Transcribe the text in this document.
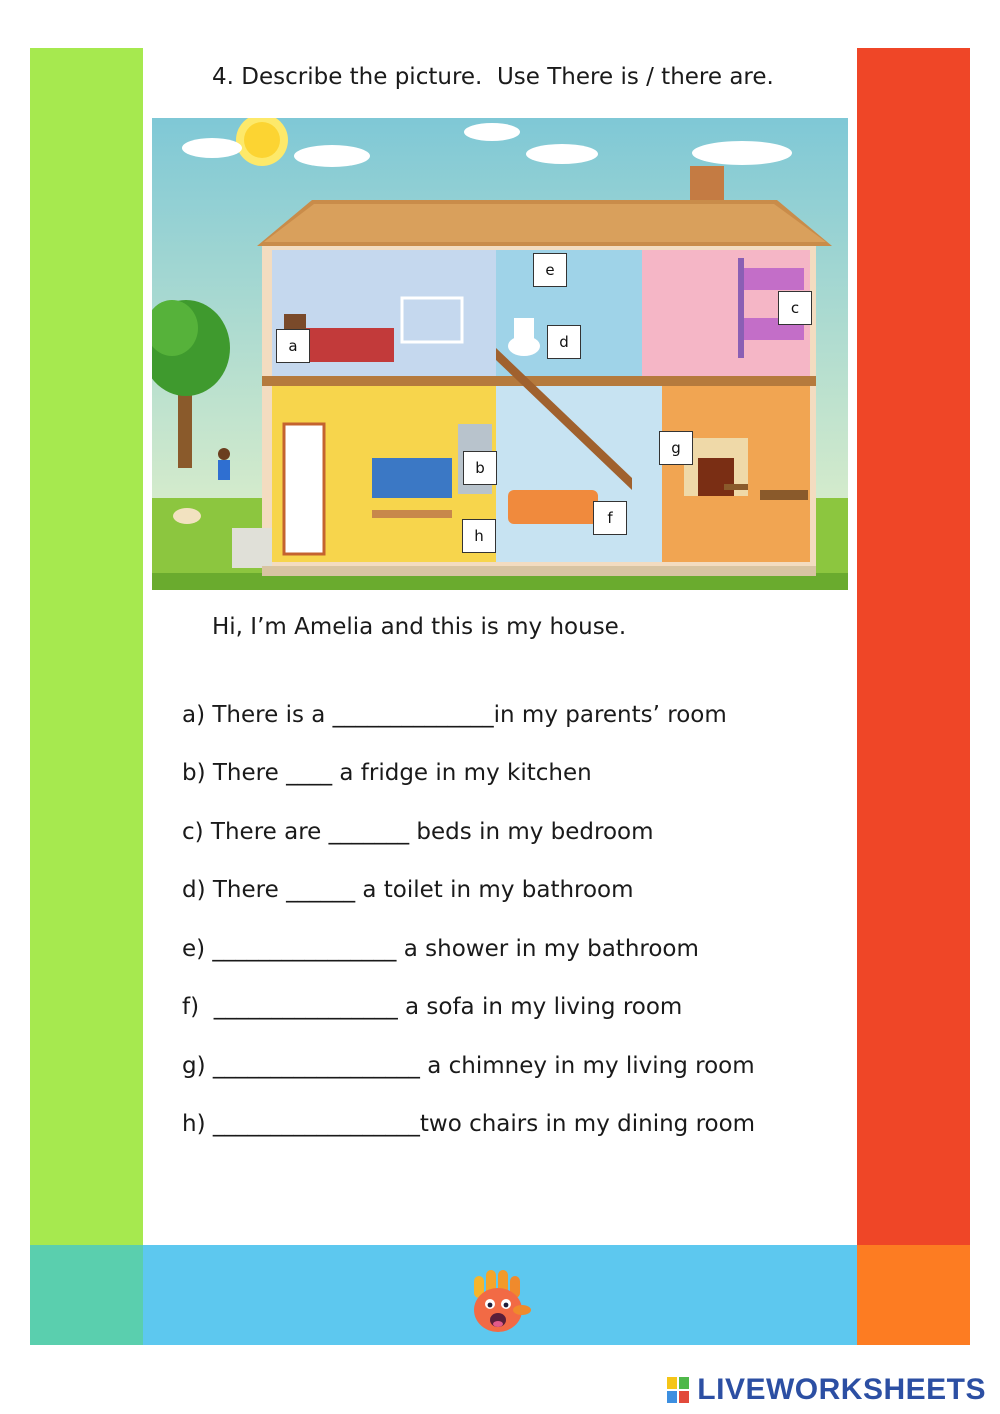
4. Describe the picture.  Use There is / there are.
a
b
c
d
e
f
g
h
Hi, I’m Amelia and this is my house.
a) There is a ______________in my parents’ room
b) There ____ a fridge in my kitchen
c) There are _______ beds in my bedroom
d) There ______ a toilet in my bathroom
e) ________________ a shower in my bathroom
f)  ________________ a sofa in my living room
g) __________________ a chimney in my living room
h) __________________two chairs in my dining room
LIVEWORKSHEETS
